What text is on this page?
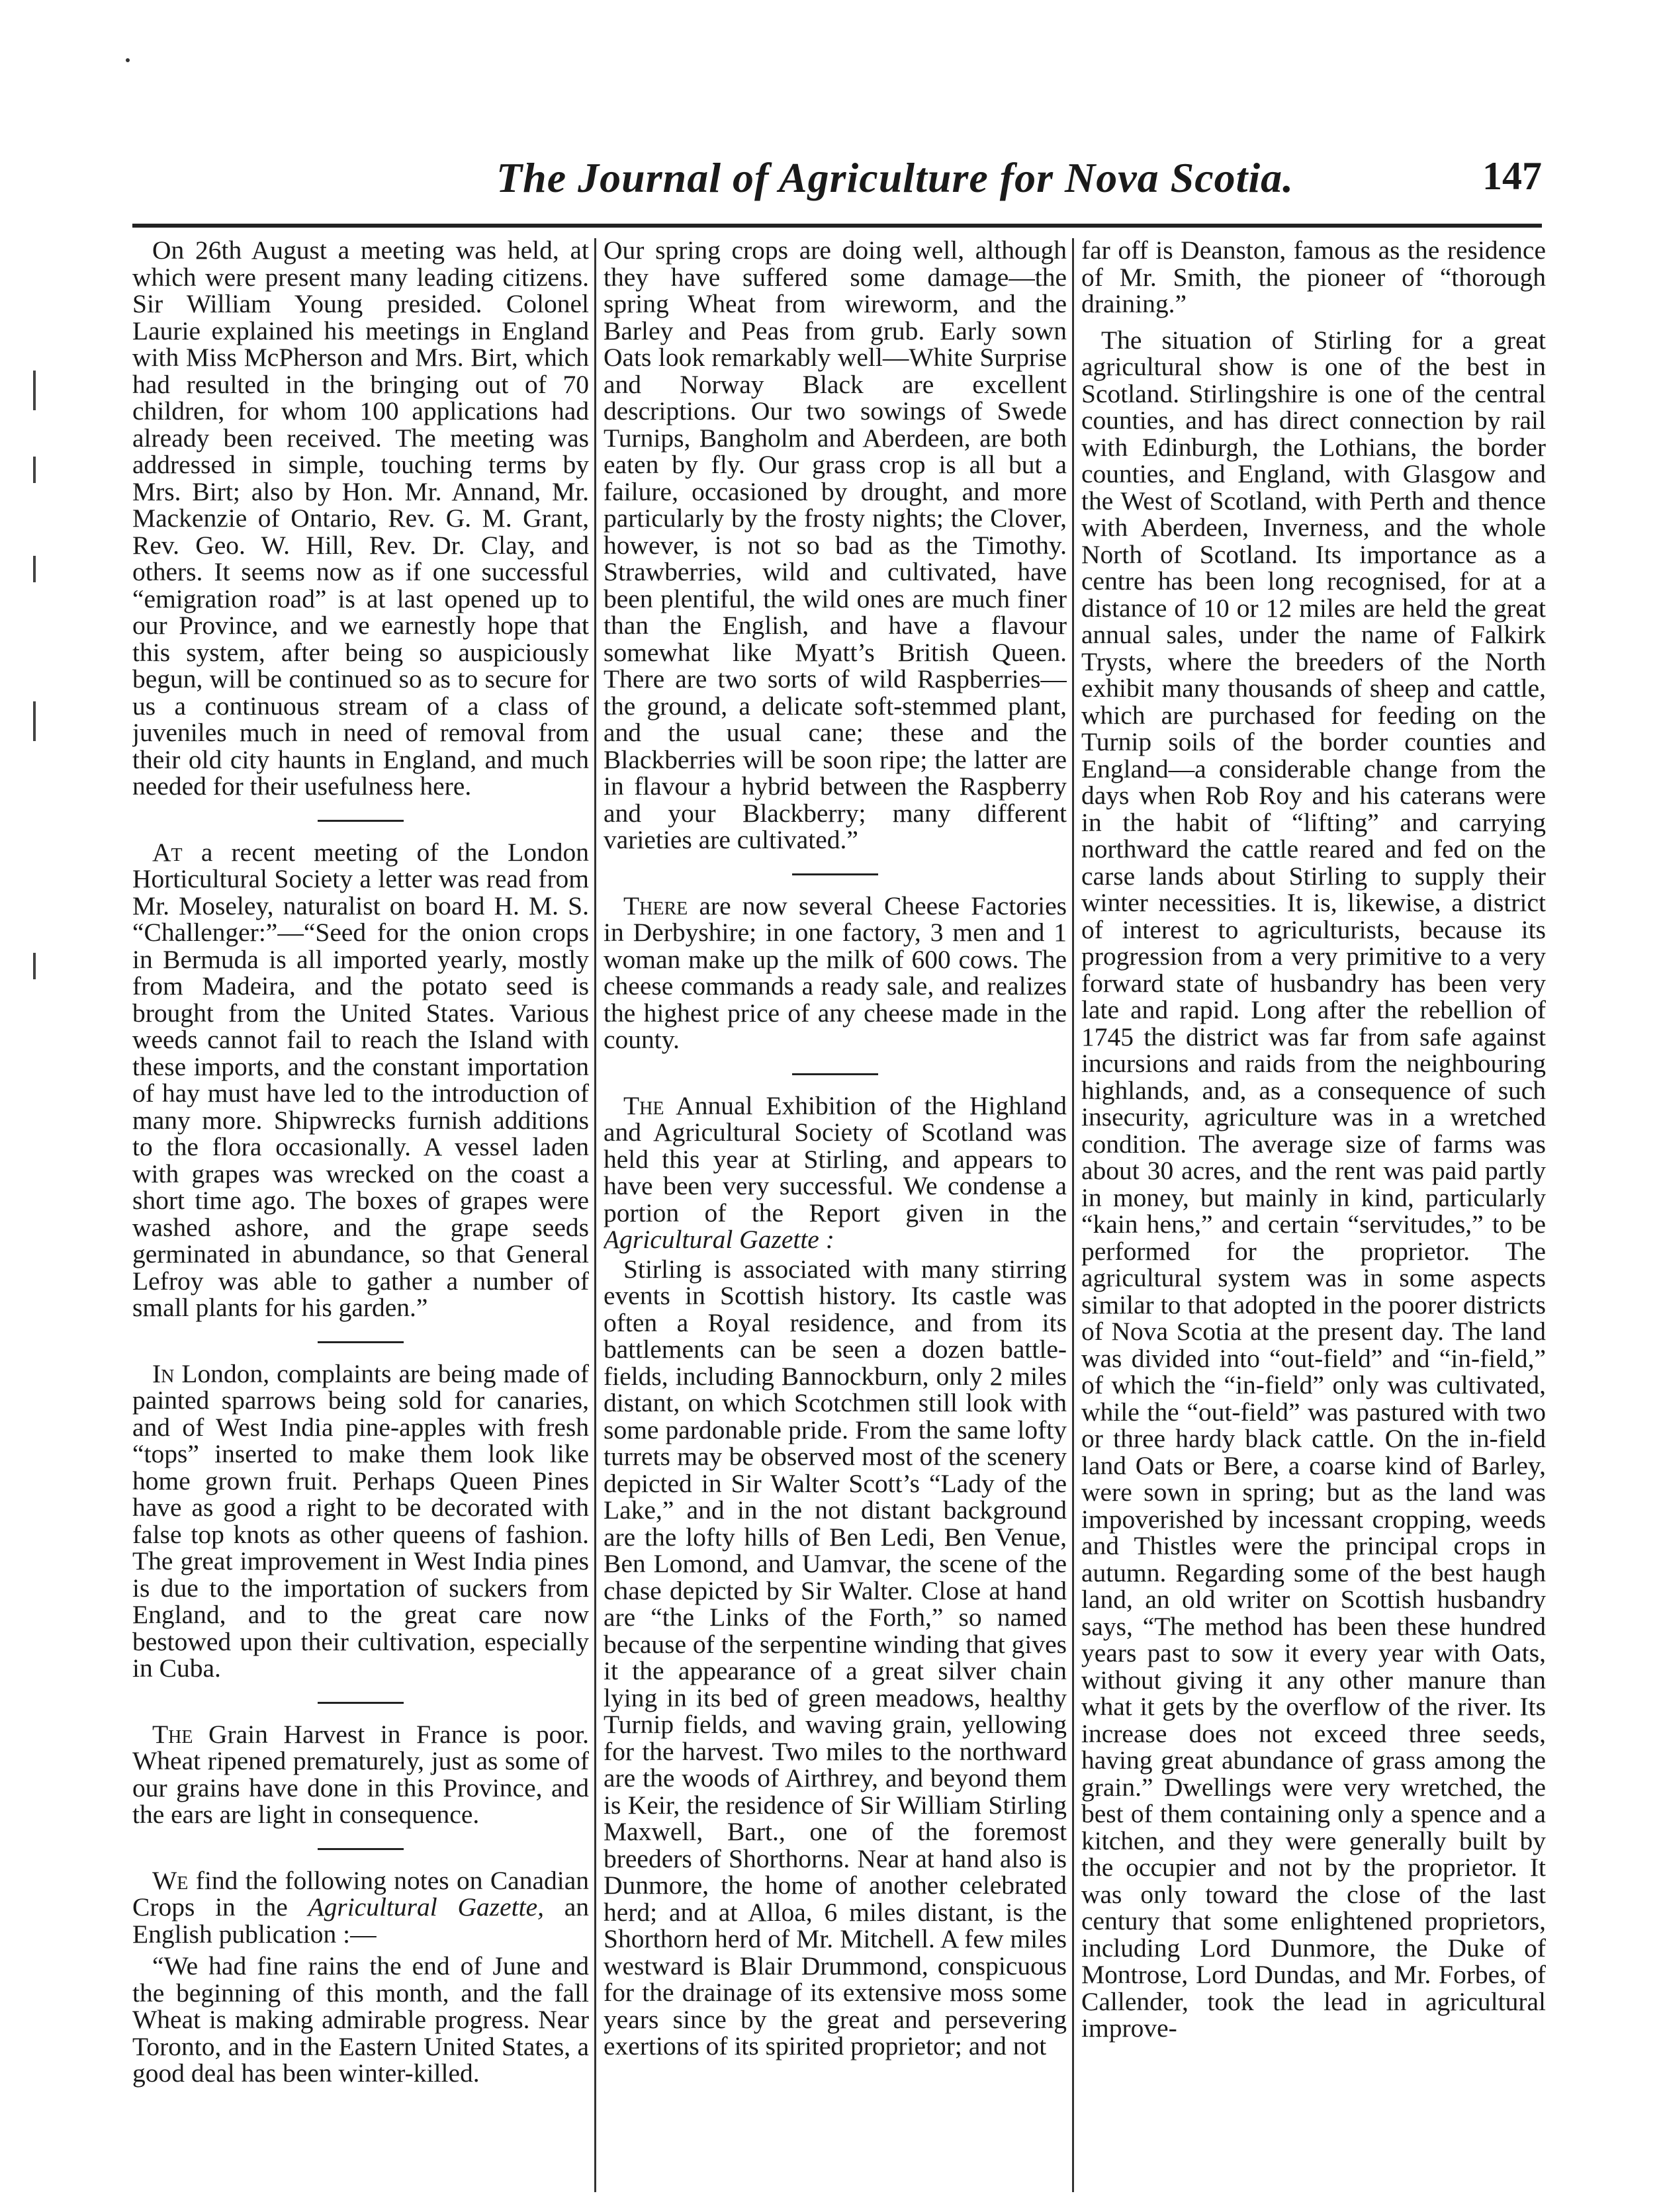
The Journal of Agriculture for Nova Scotia.	147

On 26th August a meeting was held, at which were present many leading citizens. Sir William Young presided. Colonel Laurie explained his meetings in England with Miss McPherson and Mrs. Birt, which had resulted in the bringing out of 70 children, for whom 100 applications had already been received. The meeting was addressed in simple, touching terms by Mrs. Birt; also by Hon. Mr. Annand, Mr. Mackenzie of Ontario, Rev. G. M. Grant, Rev. Geo. W. Hill, Rev. Dr. Clay, and others. It seems now as if one successful “emigration road” is at last opened up to our Province, and we earnestly hope that this system, after being so auspiciously begun, will be continued so as to secure for us a continuous stream of a class of juveniles much in need of removal from their old city haunts in England, and much needed for their usefulness here.

At a recent meeting of the London Horticultural Society a letter was read from Mr. Moseley, naturalist on board H. M. S. “Challenger:”—“Seed for the onion crops in Bermuda is all imported yearly, mostly from Madeira, and the potato seed is brought from the United States. Various weeds cannot fail to reach the Island with these imports, and the constant importation of hay must have led to the introduction of many more. Shipwrecks furnish additions to the flora occasionally. A vessel laden with grapes was wrecked on the coast a short time ago. The boxes of grapes were washed ashore, and the grape seeds germinated in abundance, so that General Lefroy was able to gather a number of small plants for his garden.”

In London, complaints are being made of painted sparrows being sold for canaries, and of West India pine-apples with fresh “tops” inserted to make them look like home grown fruit. Perhaps Queen Pines have as good a right to be decorated with false top knots as other queens of fashion. The great improvement in West India pines is due to the importation of suckers from England, and to the great care now bestowed upon their cultivation, especially in Cuba.

The Grain Harvest in France is poor. Wheat ripened prematurely, just as some of our grains have done in this Province, and the ears are light in consequence.

We find the following notes on Canadian Crops in the Agricultural Gazette, an English publication :—

“We had fine rains the end of June and the beginning of this month, and the fall Wheat is making admirable progress. Near Toronto, and in the Eastern United States, a good deal has been winter-killed.

Our spring crops are doing well, although they have suffered some damage—the spring Wheat from wireworm, and the Barley and Peas from grub. Early sown Oats look remarkably well—White Surprise and Norway Black are excellent descriptions. Our two sowings of Swede Turnips, Bangholm and Aberdeen, are both eaten by fly. Our grass crop is all but a failure, occasioned by drought, and more particularly by the frosty nights; the Clover, however, is not so bad as the Timothy. Strawberries, wild and cultivated, have been plentiful, the wild ones are much finer than the English, and have a flavour somewhat like Myatt’s British Queen. There are two sorts of wild Raspberries—the ground, a delicate soft-stemmed plant, and the usual cane; these and the Blackberries will be soon ripe; the latter are in flavour a hybrid between the Raspberry and your Blackberry; many different varieties are cultivated.”

There are now several Cheese Factories in Derbyshire; in one factory, 3 men and 1 woman make up the milk of 600 cows. The cheese commands a ready sale, and realizes the highest price of any cheese made in the county.

The Annual Exhibition of the Highland and Agricultural Society of Scotland was held this year at Stirling, and appears to have been very successful. We condense a portion of the Report given in the Agricultural Gazette :

Stirling is associated with many stirring events in Scottish history. Its castle was often a Royal residence, and from its battlements can be seen a dozen battle-fields, including Bannockburn, only 2 miles distant, on which Scotchmen still look with some pardonable pride. From the same lofty turrets may be observed most of the scenery depicted in Sir Walter Scott’s “Lady of the Lake,” and in the not distant background are the lofty hills of Ben Ledi, Ben Venue, Ben Lomond, and Uamvar, the scene of the chase depicted by Sir Walter. Close at hand are “the Links of the Forth,” so named because of the serpentine winding that gives it the appearance of a great silver chain lying in its bed of green meadows, healthy Turnip fields, and waving grain, yellowing for the harvest. Two miles to the northward are the woods of Airthrey, and beyond them is Keir, the residence of Sir William Stirling Maxwell, Bart., one of the foremost breeders of Shorthorns. Near at hand also is Dunmore, the home of another celebrated herd; and at Alloa, 6 miles distant, is the Shorthorn herd of Mr. Mitchell. A few miles westward is Blair Drummond, conspicuous for the drainage of its extensive moss some years since by the great and persevering exertions of its spirited proprietor; and not

far off is Deanston, famous as the residence of Mr. Smith, the pioneer of “thorough draining.”

The situation of Stirling for a great agricultural show is one of the best in Scotland. Stirlingshire is one of the central counties, and has direct connection by rail with Edinburgh, the Lothians, the border counties, and England, with Glasgow and the West of Scotland, with Perth and thence with Aberdeen, Inverness, and the whole North of Scotland. Its importance as a centre has been long recognised, for at a distance of 10 or 12 miles are held the great annual sales, under the name of Falkirk Trysts, where the breeders of the North exhibit many thousands of sheep and cattle, which are purchased for feeding on the Turnip soils of the border counties and England—a considerable change from the days when Rob Roy and his caterans were in the habit of “lifting” and carrying northward the cattle reared and fed on the carse lands about Stirling to supply their winter necessities. It is, likewise, a district of interest to agriculturists, because its progression from a very primitive to a very forward state of husbandry has been very late and rapid. Long after the rebellion of 1745 the district was far from safe against incursions and raids from the neighbouring highlands, and, as a consequence of such insecurity, agriculture was in a wretched condition. The average size of farms was about 30 acres, and the rent was paid partly in money, but mainly in kind, particularly “kain hens,” and certain “servitudes,” to be performed for the proprietor. The agricultural system was in some aspects similar to that adopted in the poorer districts of Nova Scotia at the present day. The land was divided into “out-field” and “in-field,” of which the “in-field” only was cultivated, while the “out-field” was pastured with two or three hardy black cattle. On the in-field land Oats or Bere, a coarse kind of Barley, were sown in spring; but as the land was impoverished by incessant cropping, weeds and Thistles were the principal crops in autumn. Regarding some of the best haugh land, an old writer on Scottish husbandry says, “The method has been these hundred years past to sow it every year with Oats, without giving it any other manure than what it gets by the overflow of the river. Its increase does not exceed three seeds, having great abundance of grass among the grain.” Dwellings were very wretched, the best of them containing only a spence and a kitchen, and they were generally built by the occupier and not by the proprietor. It was only toward the close of the last century that some enlightened proprietors, including Lord Dunmore, the Duke of Montrose, Lord Dundas, and Mr. Forbes, of Callender, took the lead in agricultural improve-
